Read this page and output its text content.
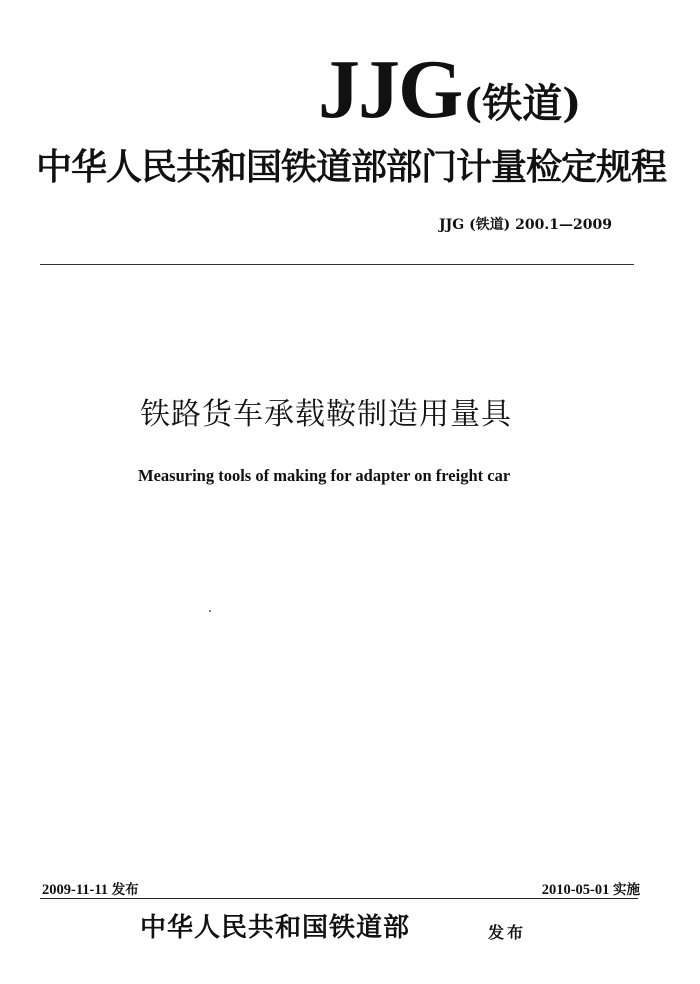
JJG(铁道)
中华人民共和国铁道部部门计量检定规程
JJG (铁道) 200.1—2009
铁路货车承载鞍制造用量具
Measuring tools of making for adapter on freight car
2009-11-11 发布	2010-05-01 实施
中华人民共和国铁道部	发布
